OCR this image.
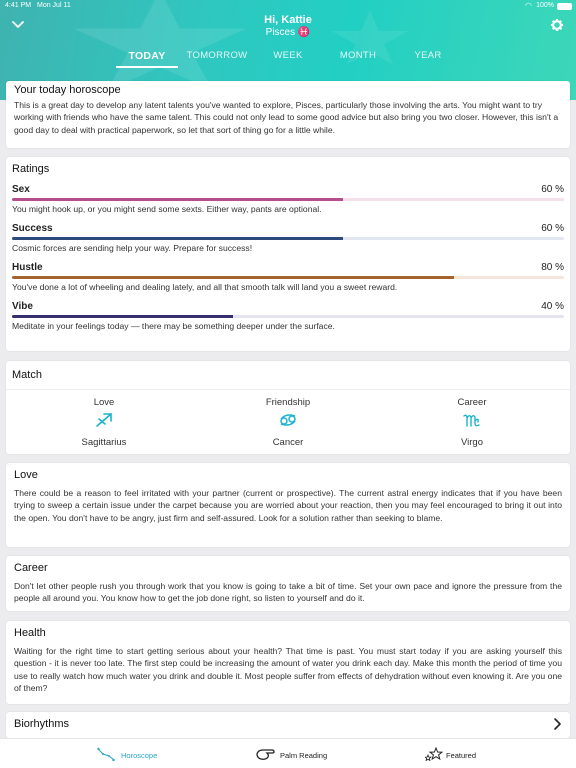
4:41 PM Mon Jul 11	◠ 100%
Hi, Kattie
Pisces ♓
TODAY	TOMORROW	WEEK	MONTH	YEAR
Your today horoscope

This is a great day to develop any latent talents you've wanted to explore, Pisces, particularly those involving the arts. You might want to try working with friends who have the same talent. This could not only lead to some good advice but also bring you two closer. However, this isn't a good day to deal with practical paperwork, so let that sort of thing go for a little while.

Ratings
Sex	60 %
You might hook up, or you might send some sexts. Either way, pants are optional.
Success	60 %
Cosmic forces are sending help your way. Prepare for success!
Hustle	80 %
You've done a lot of wheeling and dealing lately, and all that smooth talk will land you a sweet reward.
Vibe	40 %
Meditate in your feelings today — there may be something deeper under the surface.
Match
Love
Sagittarius
Friendship
Cancer
Career
Virgo
Love

There could be a reason to feel irritated with your partner (current or prospective). The current astral energy indicates that if you have been trying to sweep a certain issue under the carpet because you are worried about your reaction, then you may feel encouraged to bring it out into the open. You don't have to be angry, just firm and self-assured. Look for a solution rather than seeking to blame.

Career

Don't let other people rush you through work that you know is going to take a bit of time. Set your own pace and ignore the pressure from the people all around you. You know how to get the job done right, so listen to yourself and do it.

Health

Waiting for the right time to start getting serious about your health? That time is past. You must start today if you are asking yourself this question - it is never too late. The first step could be increasing the amount of water you drink each day. Make this month the period of time you use to really watch how much water you drink and double it. Most people suffer from effects of dehydration without even knowing it. Are you one of them?

Biorhythms
Horoscope	Palm Reading	Featured
